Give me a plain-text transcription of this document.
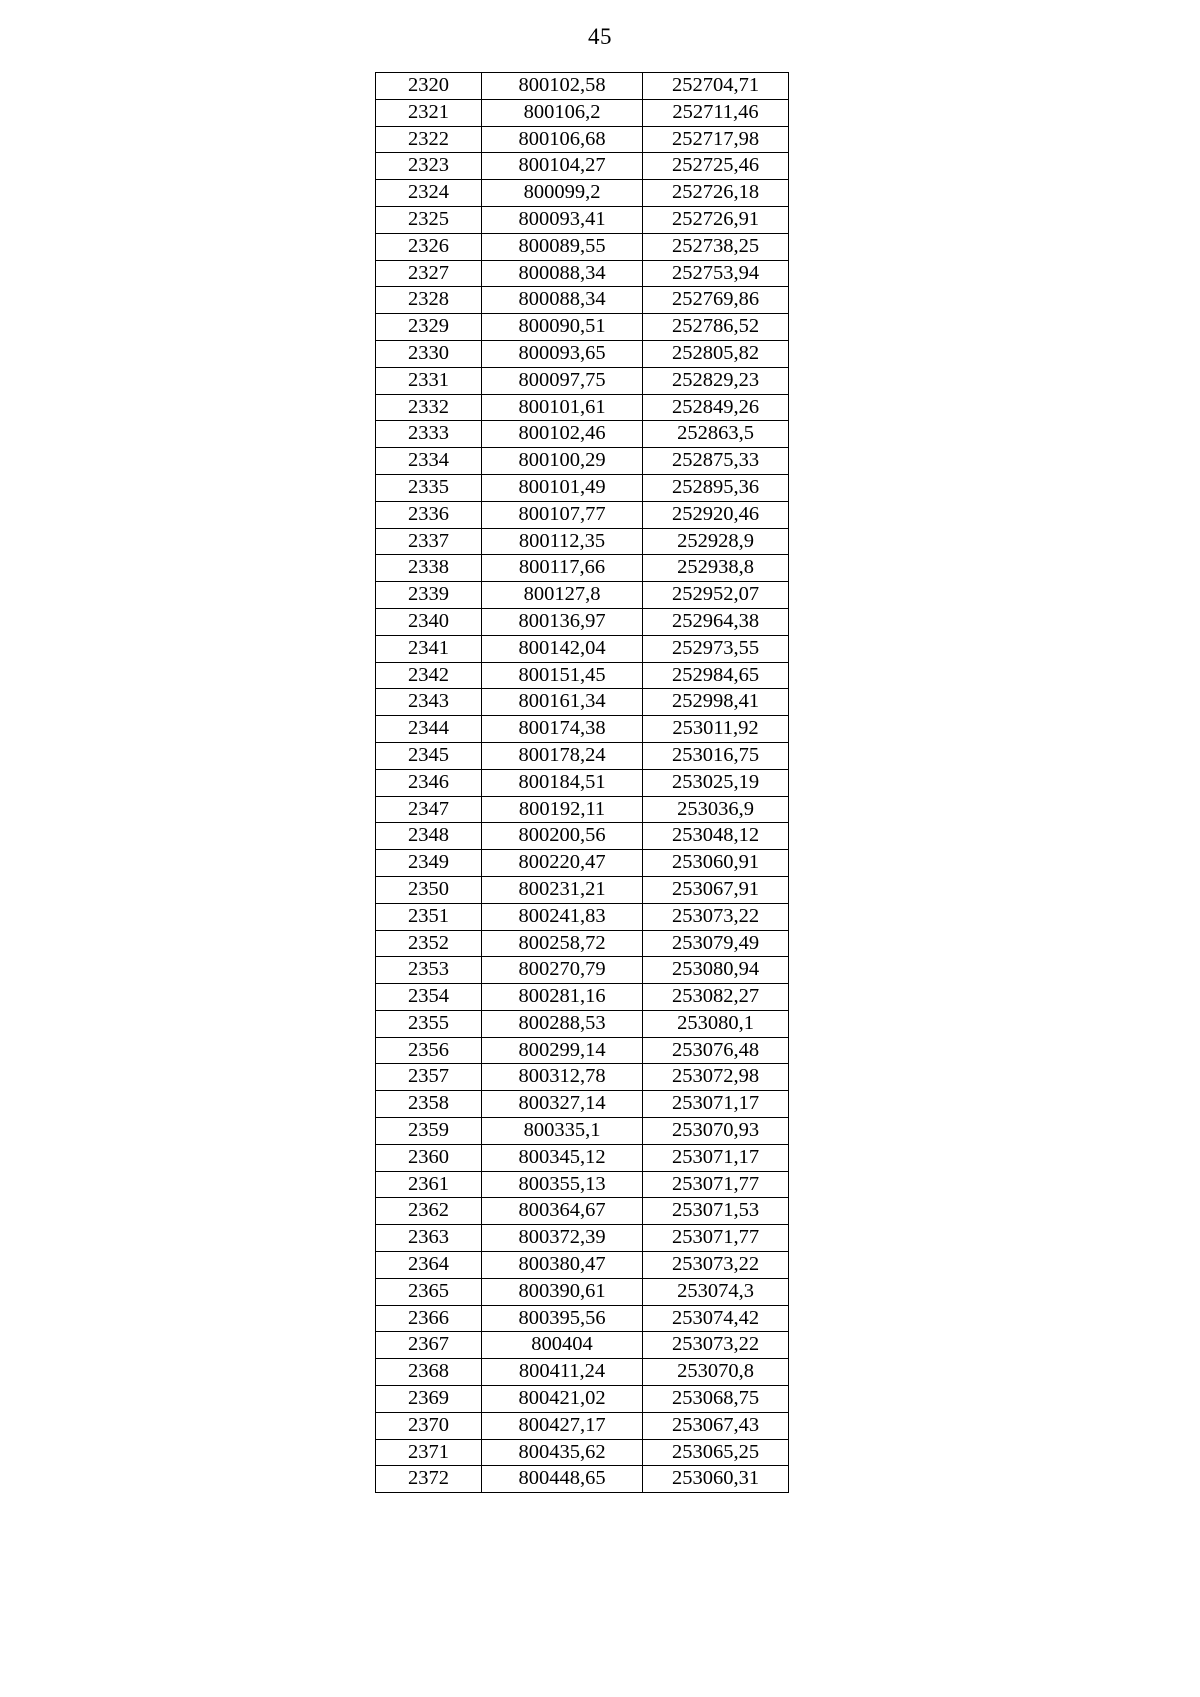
45
2320	800102,58	252704,71
2321	800106,2	252711,46
2322	800106,68	252717,98
2323	800104,27	252725,46
2324	800099,2	252726,18
2325	800093,41	252726,91
2326	800089,55	252738,25
2327	800088,34	252753,94
2328	800088,34	252769,86
2329	800090,51	252786,52
2330	800093,65	252805,82
2331	800097,75	252829,23
2332	800101,61	252849,26
2333	800102,46	252863,5
2334	800100,29	252875,33
2335	800101,49	252895,36
2336	800107,77	252920,46
2337	800112,35	252928,9
2338	800117,66	252938,8
2339	800127,8	252952,07
2340	800136,97	252964,38
2341	800142,04	252973,55
2342	800151,45	252984,65
2343	800161,34	252998,41
2344	800174,38	253011,92
2345	800178,24	253016,75
2346	800184,51	253025,19
2347	800192,11	253036,9
2348	800200,56	253048,12
2349	800220,47	253060,91
2350	800231,21	253067,91
2351	800241,83	253073,22
2352	800258,72	253079,49
2353	800270,79	253080,94
2354	800281,16	253082,27
2355	800288,53	253080,1
2356	800299,14	253076,48
2357	800312,78	253072,98
2358	800327,14	253071,17
2359	800335,1	253070,93
2360	800345,12	253071,17
2361	800355,13	253071,77
2362	800364,67	253071,53
2363	800372,39	253071,77
2364	800380,47	253073,22
2365	800390,61	253074,3
2366	800395,56	253074,42
2367	800404	253073,22
2368	800411,24	253070,8
2369	800421,02	253068,75
2370	800427,17	253067,43
2371	800435,62	253065,25
2372	800448,65	253060,31
